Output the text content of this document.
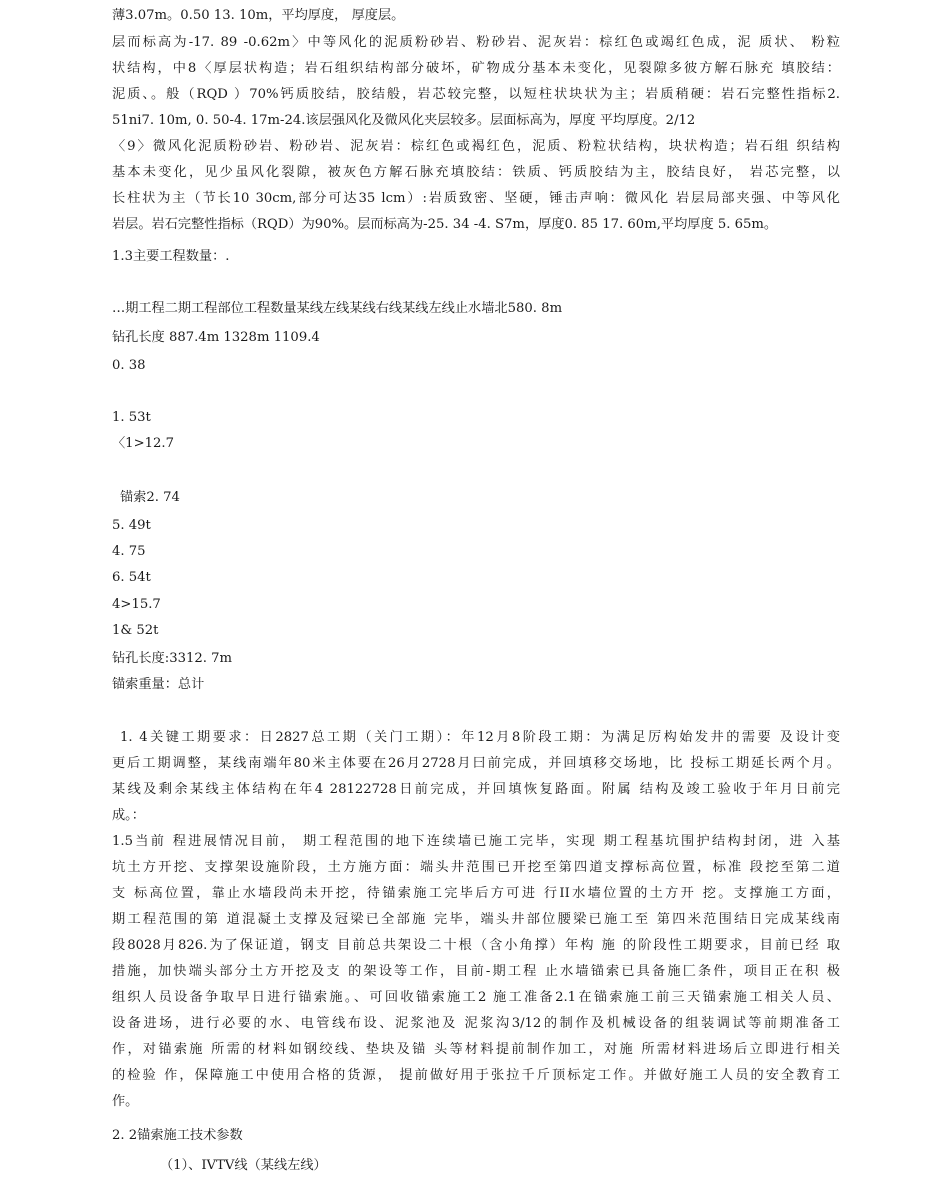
薄3.07m。0.50 13. 10m，平均厚度， 厚度层。
层而标高为-17. 89 -0.62m〉中等风化的泥质粉砂岩、粉砂岩、泥灰岩：棕红色或竭红色成，泥 质状、 粉粒
状结构，中8〈厚层状构造；岩石组织结构部分破坏，矿物成分基本未变化，见裂隙多彼方解石脉充 填胶结：
泥质、。般（RQD ）70%钙质胶结，胶结般，岩芯较完整，以短柱状块状为主；岩质稍硬：岩石完整性指标2.
51ni7. 10m, 0. 50-4. 17m-24.该层强风化及微风化夹层较多。层面标高为，厚度 平均厚度。2/12
〈9〉微风化泥质粉砂岩、粉砂岩、泥灰岩：棕红色或褐红色，泥质、粉粒状结构，块状构造；岩石组 织结构
基本未变化，见少虽风化裂隙，被灰色方解石脉充填胶结：铁质、钙质胶结为主，胶结良好， 岩芯完整，以
长柱状为主（节长10 30cm,部分可达35 lcm）:岩质致密、坚硬，锤击声响：微风化 岩层局部夹强、中等风化
岩层。岩石完整性指标（RQD）为90%。层而标高为-25. 34 -4. S7m，厚度0. 85 17. 60m,平均厚度 5. 65m。
1.3主要工程数量：.
…期工程二期工程部位工程数量某线左线某线右线某线左线止水墙北580. 8m
钻孔长度 887.4m 1328m 1109.4
0. 38
1. 53t
〈1>12.7
锚索2. 74
5. 49t
4. 75
6. 54t
4>15.7
1& 52t
钻孔长度:3312. 7m
锚索重量：总计
1. 4关键工期要求：日2827总工期（关门工期）：年12月8阶段工期：为满足厉构始发井的需要 及设计变
更后工期调整，某线南端年80米主体要在26月2728月曰前完成，并回填移交场地，比 投标工期延长两个月。
某线及剩余某线主体结构在年4 28122728日前完成，并回填恢复路面。附属 结构及竣工验收于年月日前完
成。：
1.5当前 程进展情况目前， 期工程范围的地下连续墙已施工完毕，实现 期工程基坑围护结构封闭，进 入基
坑土方开挖、支撑架设施阶段，土方施方面：端头井范围已开挖至第四道支撑标高位置，标准 段挖至第二道
支 标高位置，靠止水墙段尚未开挖，待锚索施工完毕后方可进 行II水墙位置的土方开 挖。支撑施工方面，
期工程范围的第 道混凝土支撑及冠梁已全部施 完毕，端头井部位腰梁已施工至 第四米范围结日完成某线南
段8028月826.为了保证道，钢支 目前总共架设二十根（含小角撑）年构 施 的阶段性工期要求，目前已经 取
措施，加快端头部分土方开挖及支 的架设等工作，目前-期工程 止水墙锚索已具备施匚条件，项目正在积 极
组织人员设备争取早日进行锚索施。、可回收锚索施工2 施工准备2.1在锚索施工前三天锚索施工相关人员、
设备进场，进行必要的水、电管线布设、泥浆池及 泥浆沟3/12的制作及机械设备的组装调试等前期准备工
作，对锚索施 所需的材料如钢绞线、垫块及锚 头等材料提前制作加工，对施 所需材料进场后立即进行相关
的检验 作，保障施工中使用合格的货源， 提前做好用于张拉千斤顶标定工作。并做好施工人员的安全教育工
作。
2. 2锚索施工技术参数
（1）、IVTV线（某线左线）
